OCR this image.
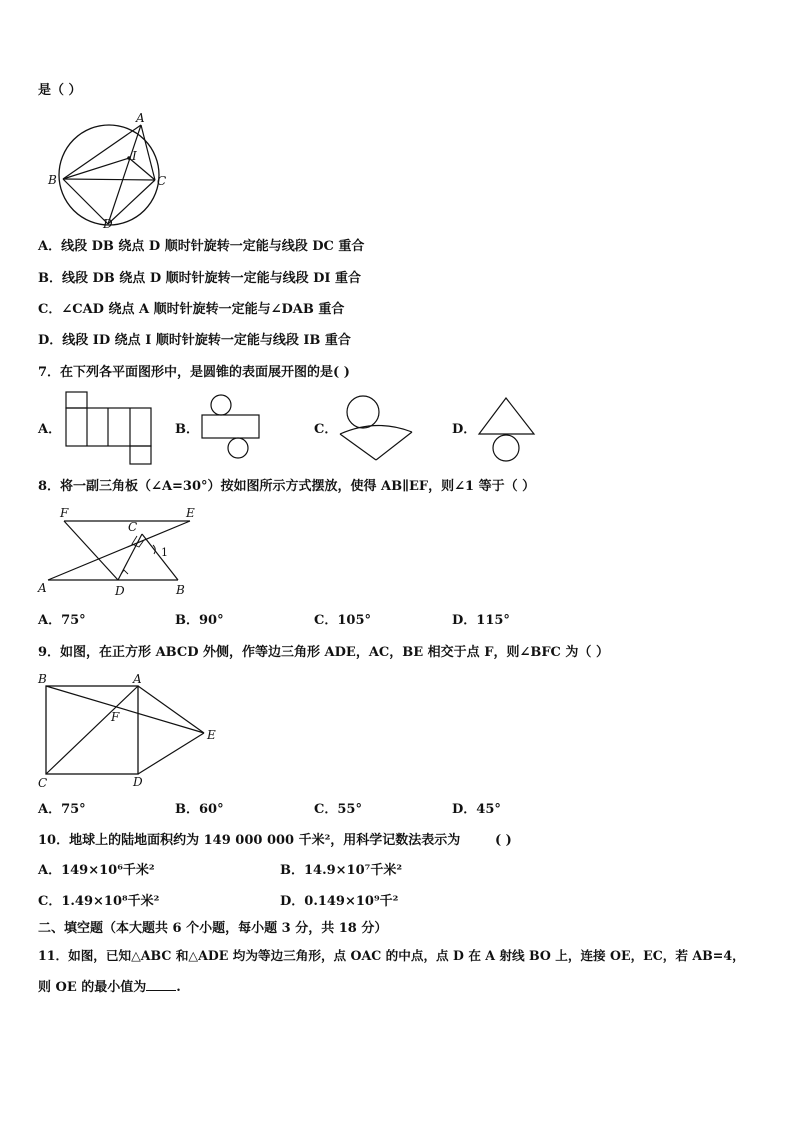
是（ ）
A
I
B	C
D
A．线段 DB 绕点 D 顺时针旋转一定能与线段 DC 重合
B．线段 DB 绕点 D 顺时针旋转一定能与线段 DI 重合
C．∠CAD 绕点 A 顺时针旋转一定能与∠DAB 重合
D．线段 ID 绕点 I 顺时针旋转一定能与线段 IB 重合
7．在下列各平面图形中，是圆锥的表面展开图的是( )
A．	B．	C．	D．
8．将一副三角板（∠A=30°）按如图所示方式摆放，使得 AB∥EF，则∠1 等于（ ）
F
C
E
1
A	D	B
A．75°	B．90°	C．105°	D．115°
9．如图，在正方形 ABCD 外侧，作等边三角形 ADE，AC，BE 相交于点 F，则∠BFC 为（ ）
B	A
F
E
C	D
A．75°	B．60°	C．55°	D．45°
10．地球上的陆地面积约为 149 000 000 千米²，用科学记数法表示为	( )
A．149×10⁶千米²	B．14.9×10⁷千米²
C．1.49×10⁸千米²	D．0.149×10⁹千²
二、填空题（本大题共 6 个小题，每小题 3 分，共 18 分）
11．如图，已知△ABC 和△ADE 均为等边三角形，点 OAC 的中点，点 D 在 A 射线 BO 上，连接 OE，EC，若 AB=4，
则 OE 的最小值为 .
